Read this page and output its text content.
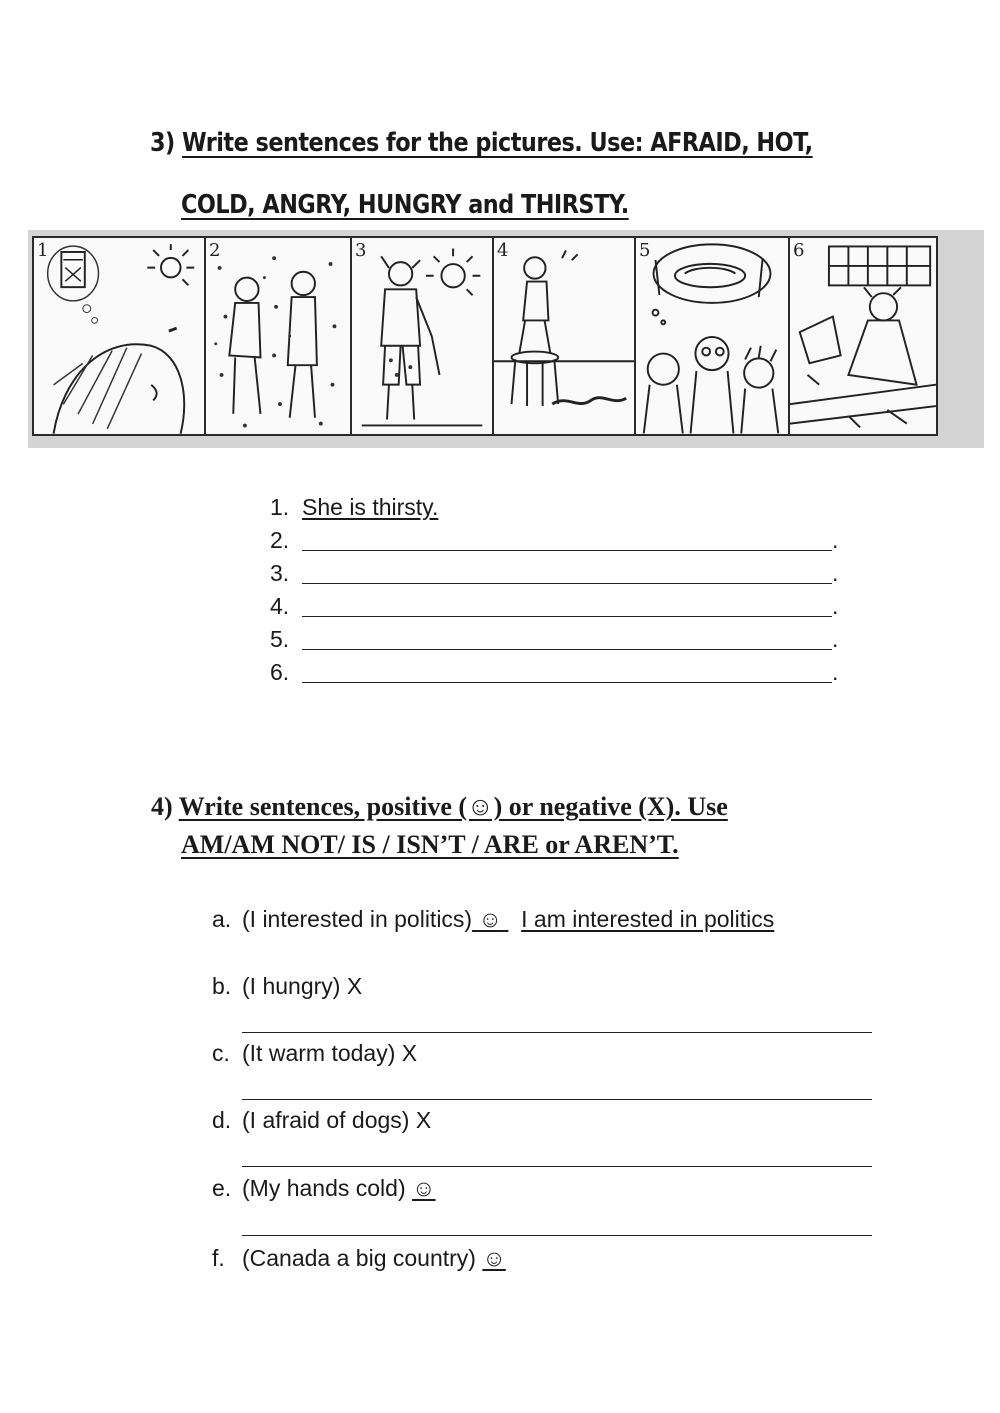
3) Write sentences for the pictures. Use: AFRAID, HOT,
COLD, ANGRY, HUNGRY and THIRSTY.
1	2	3	4	5	6
1. She is thirsty.
2.	.
3.	.
4.	.
5.	.
6.	.
4) Write sentences, positive (☺) or negative (X). Use
AM/AM NOT/ IS / ISN’T / ARE or AREN’T.
a. (I interested in politics) ☺ I am interested in politics
b. (I hungry) X
c. (It warm today) X
d. (I afraid of dogs) X
e. (My hands cold) ☺
f. (Canada a big country) ☺
